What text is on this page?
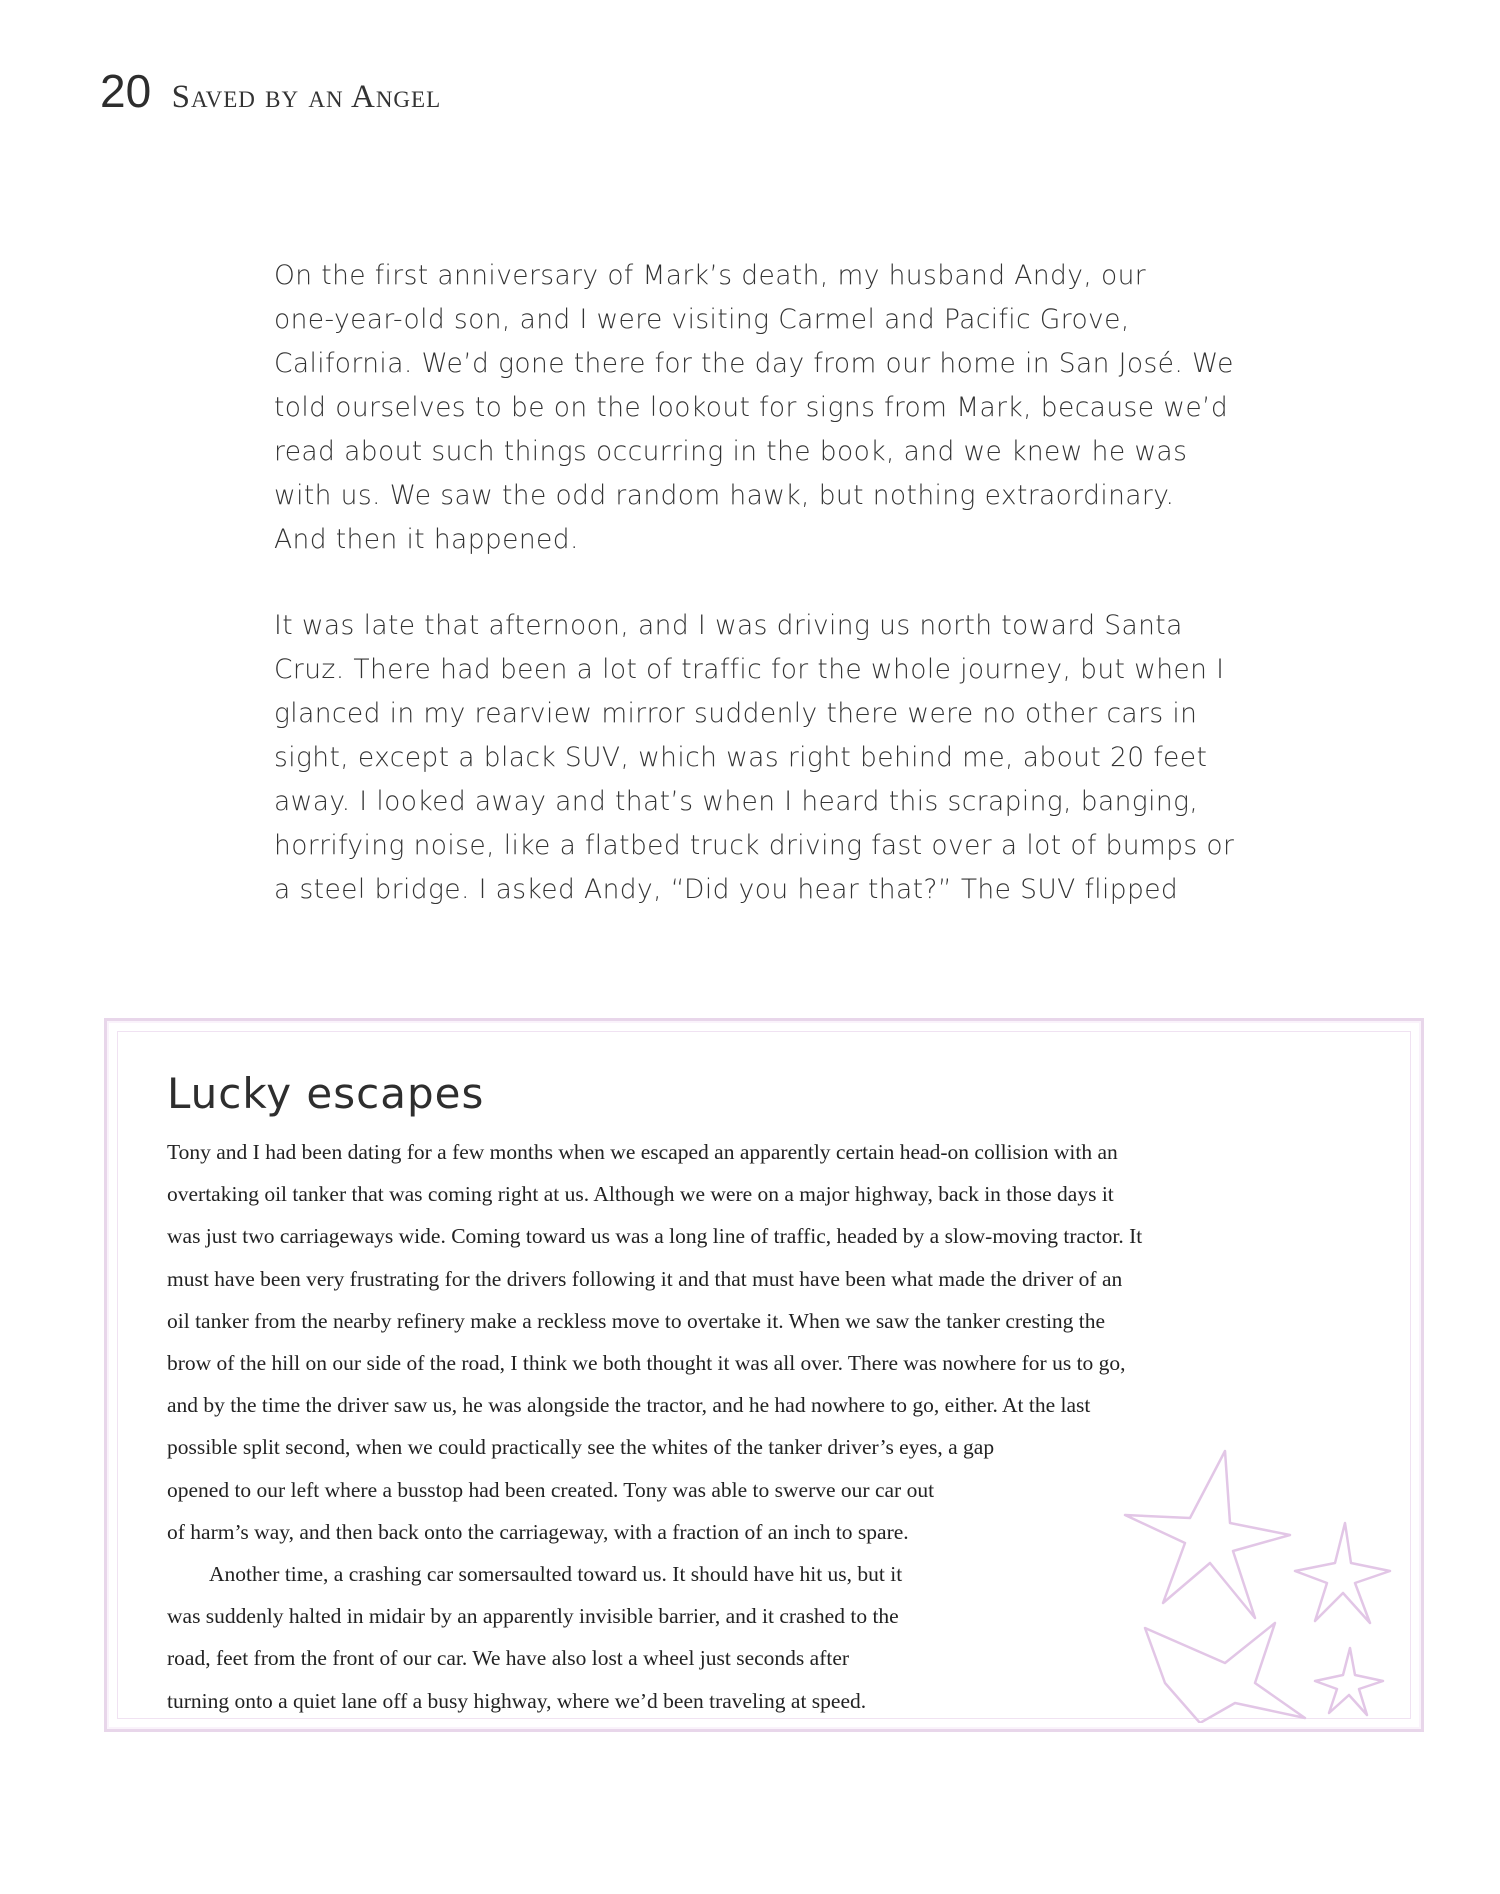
20 Saved by an Angel
On the first anniversary of Mark’s death, my husband Andy, our
one-year-old son, and I were visiting Carmel and Pacific Grove,
California. We’d gone there for the day from our home in San José. We
told ourselves to be on the lookout for signs from Mark, because we’d
read about such things occurring in the book, and we knew he was
with us. We saw the odd random hawk, but nothing extraordinary.
And then it happened.
It was late that afternoon, and I was driving us north toward Santa
Cruz. There had been a lot of traffic for the whole journey, but when I
glanced in my rearview mirror suddenly there were no other cars in
sight, except a black SUV, which was right behind me, about 20 feet
away. I looked away and that’s when I heard this scraping, banging,
horrifying noise, like a flatbed truck driving fast over a lot of bumps or
a steel bridge. I asked Andy, “Did you hear that?” The SUV flipped
Lucky escapes
Tony and I had been dating for a few months when we escaped an apparently certain head-on collision with an
overtaking oil tanker that was coming right at us. Although we were on a major highway, back in those days it
was just two carriageways wide. Coming toward us was a long line of traffic, headed by a slow-moving tractor. It
must have been very frustrating for the drivers following it and that must have been what made the driver of an
oil tanker from the nearby refinery make a reckless move to overtake it. When we saw the tanker cresting the
brow of the hill on our side of the road, I think we both thought it was all over. There was nowhere for us to go,
and by the time the driver saw us, he was alongside the tractor, and he had nowhere to go, either. At the last
possible split second, when we could practically see the whites of the tanker driver’s eyes, a gap
opened to our left where a busstop had been created. Tony was able to swerve our car out
of harm’s way, and then back onto the carriageway, with a fraction of an inch to spare.
Another time, a crashing car somersaulted toward us. It should have hit us, but it
was suddenly halted in midair by an apparently invisible barrier, and it crashed to the
road, feet from the front of our car. We have also lost a wheel just seconds after
turning onto a quiet lane off a busy highway, where we’d been traveling at speed.
